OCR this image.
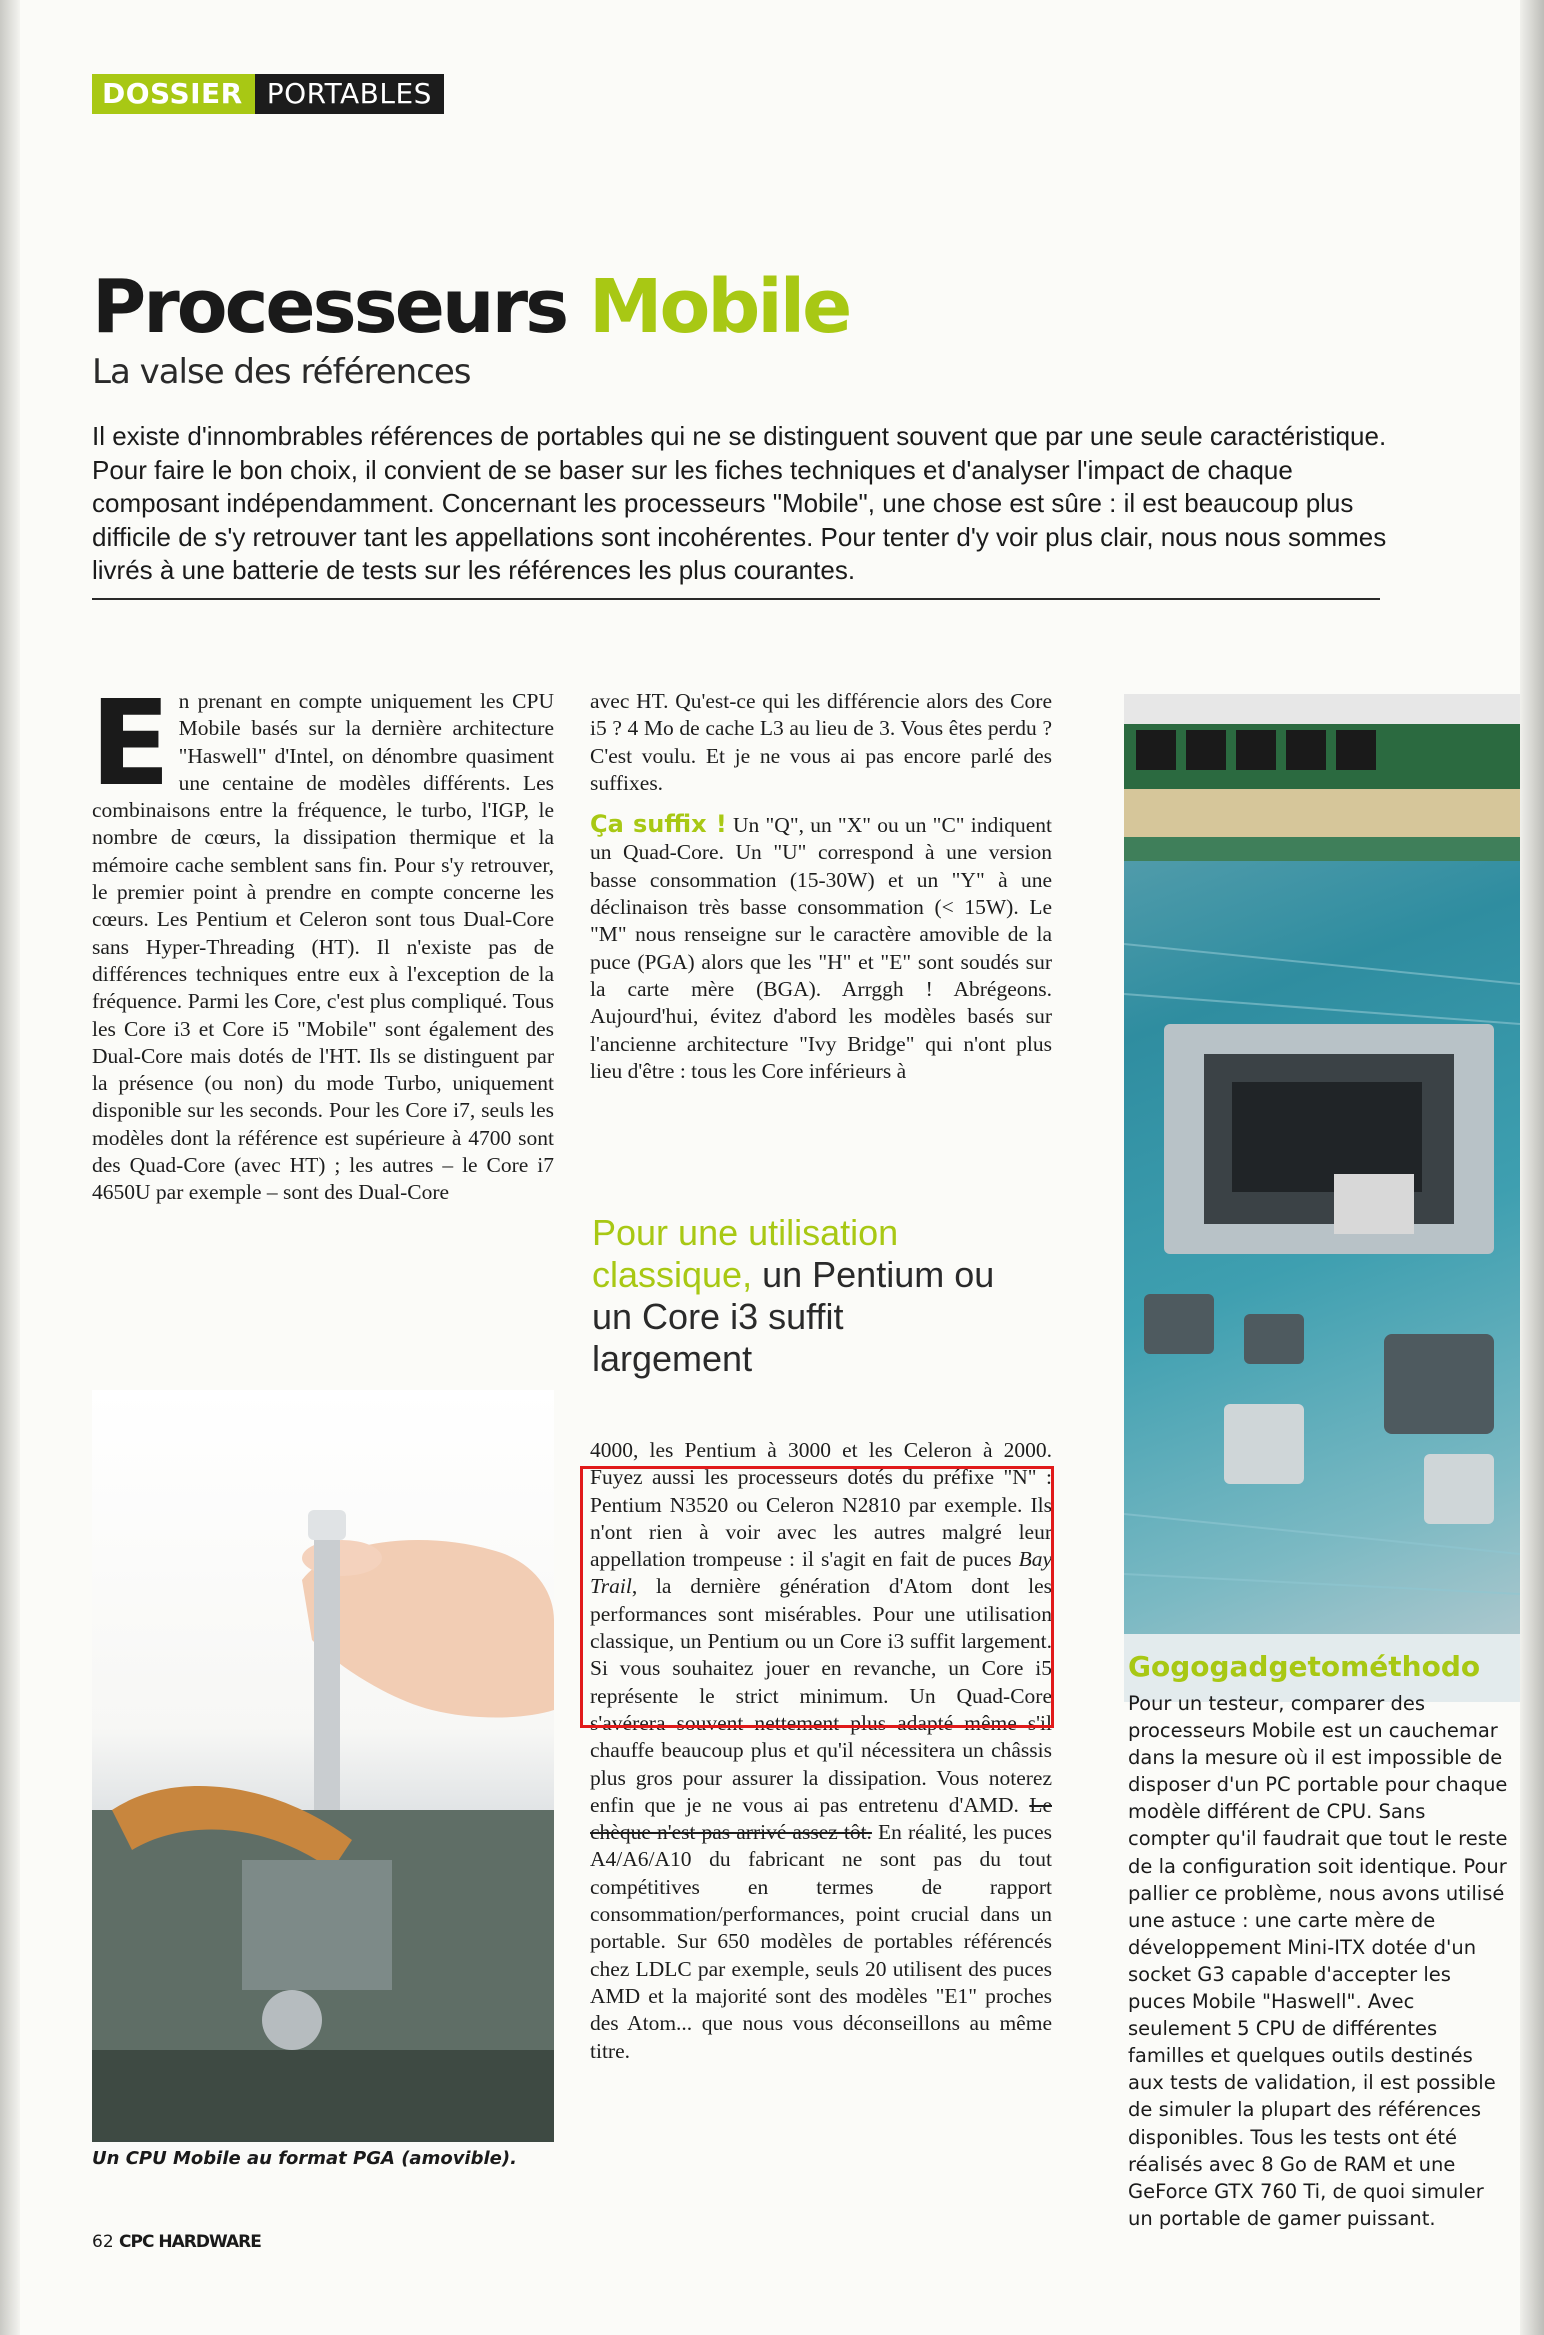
DOSSIER PORTABLES
Processeurs Mobile
La valse des références
Il existe d'innombrables références de portables qui ne se distinguent souvent que par une seule caractéristique. Pour faire le bon choix, il convient de se baser sur les fiches techniques et d'analyser l'impact de chaque composant indépendamment. Concernant les processeurs "Mobile", une chose est sûre : il est beaucoup plus difficile de s'y retrouver tant les appellations sont incohérentes. Pour tenter d'y voir plus clair, nous nous sommes livrés à une batterie de tests sur les références les plus courantes.
E n prenant en compte uniquement les CPU Mobile basés sur la dernière architecture "Haswell" d'Intel, on dénombre quasiment une centaine de modèles différents. Les combinaisons entre la fréquence, le turbo, l'IGP, le nombre de cœurs, la dissipation thermique et la mémoire cache semblent sans fin. Pour s'y retrouver, le premier point à prendre en compte concerne les cœurs. Les Pentium et Celeron sont tous Dual-Core sans Hyper-Threading (HT). Il n'existe pas de différences techniques entre eux à l'exception de la fréquence. Parmi les Core, c'est plus compliqué. Tous les Core i3 et Core i5 "Mobile" sont également des Dual-Core mais dotés de l'HT. Ils se distinguent par la présence (ou non) du mode Turbo, uniquement disponible sur les seconds. Pour les Core i7, seuls les modèles dont la référence est supérieure à 4700 sont des Quad-Core (avec HT) ; les autres – le Core i7 4650U par exemple – sont des Dual-Core
avec HT. Qu'est-ce qui les différencie alors des Core i5 ? 4 Mo de cache L3 au lieu de 3. Vous êtes perdu ? C'est voulu. Et je ne vous ai pas encore parlé des suffixes.
Ça suffix ! Un "Q", un "X" ou un "C" indiquent un Quad-Core. Un "U" correspond à une version basse consommation (15-30W) et un "Y" à une déclinaison très basse consommation (< 15W). Le "M" nous renseigne sur le caractère amovible de la puce (PGA) alors que les "H" et "E" sont soudés sur la carte mère (BGA). Arrggh ! Abrégeons. Aujourd'hui, évitez d'abord les modèles basés sur l'ancienne architecture "Ivy Bridge" qui n'ont plus lieu d'être : tous les Core inférieurs à
Pour une utilisation classique, un Pentium ou un Core i3 suffit largement
4000, les Pentium à 3000 et les Celeron à 2000. Fuyez aussi les processeurs dotés du préfixe "N" : Pentium N3520 ou Celeron N2810 par exemple. Ils n'ont rien à voir avec les autres malgré leur appellation trompeuse : il s'agit en fait de puces Bay Trail, la dernière génération d'Atom dont les performances sont misérables. Pour une utilisation classique, un Pentium ou un Core i3 suffit largement. Si vous souhaitez jouer en revanche, un Core i5 représente le strict minimum. Un Quad-Core s'avérera souvent nettement plus adapté même s'il chauffe beaucoup plus et qu'il nécessitera un châssis plus gros pour assurer la dissipation. Vous noterez enfin que je ne vous ai pas entretenu d'AMD. Le chèque n'est pas arrivé assez tôt. En réalité, les puces A4/A6/A10 du fabricant ne sont pas du tout compétitives en termes de rapport consommation/performances, point crucial dans un portable. Sur 650 modèles de portables référencés chez LDLC par exemple, seuls 20 utilisent des puces AMD et la majorité sont des modèles "E1" proches des Atom... que nous vous déconseillons au même titre.
Un CPU Mobile au format PGA (amovible).
Gogogadgetométhodo
Pour un testeur, comparer des processeurs Mobile est un cauchemar dans la mesure où il est impossible de disposer d'un PC portable pour chaque modèle différent de CPU. Sans compter qu'il faudrait que tout le reste de la configuration soit identique. Pour pallier ce problème, nous avons utilisé une astuce : une carte mère de développement Mini-ITX dotée d'un socket G3 capable d'accepter les puces Mobile "Haswell". Avec seulement 5 CPU de différentes familles et quelques outils destinés aux tests de validation, il est possible de simuler la plupart des références disponibles. Tous les tests ont été réalisés avec 8 Go de RAM et une GeForce GTX 760 Ti, de quoi simuler un portable de gamer puissant.
62 CPC HARDWARE
